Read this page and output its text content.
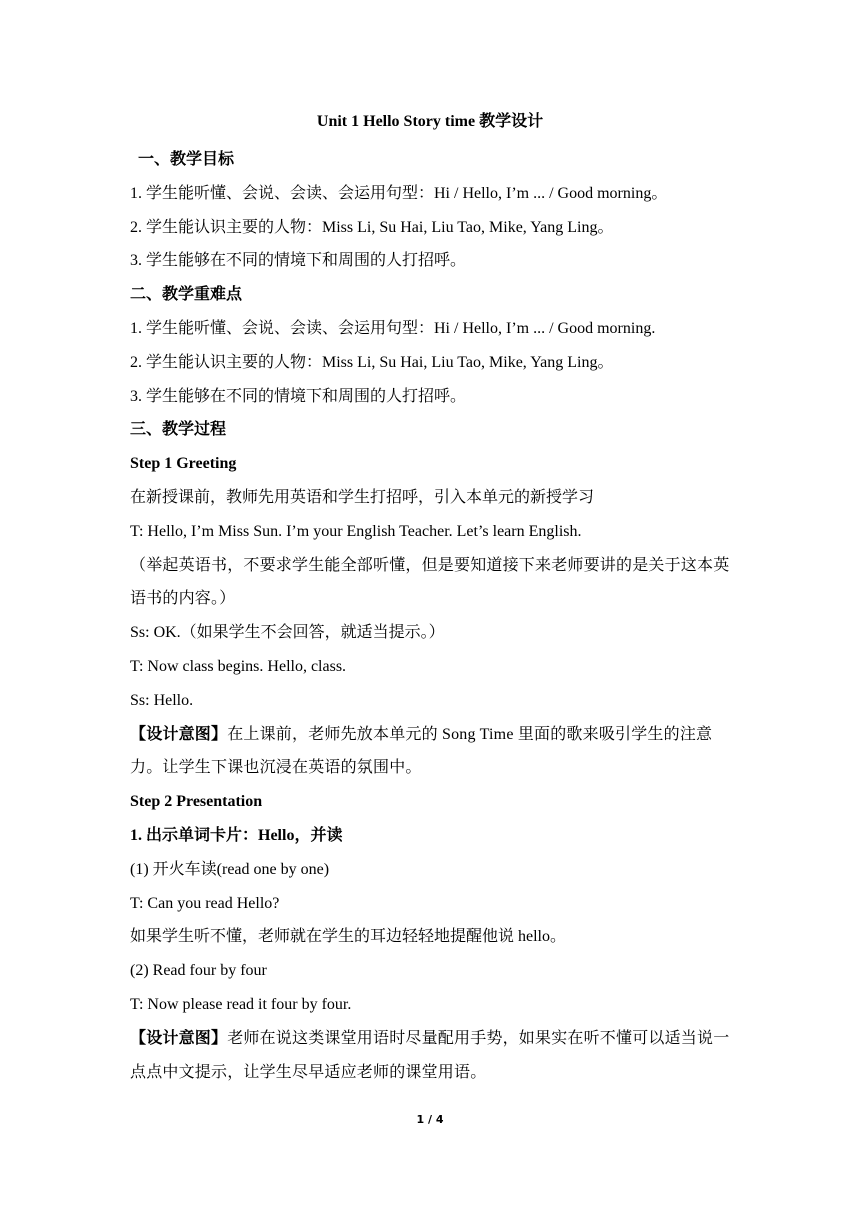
Unit 1 Hello Story time 教学设计

一、教学目标

1. 学生能听懂、会说、会读、会运用句型：Hi / Hello, I’m ... / Good morning。

2. 学生能认识主要的人物：Miss Li, Su Hai, Liu Tao, Mike, Yang Ling。

3. 学生能够在不同的情境下和周围的人打招呼。

二、教学重难点

1. 学生能听懂、会说、会读、会运用句型：Hi / Hello, I’m ... / Good morning.

2. 学生能认识主要的人物：Miss Li, Su Hai, Liu Tao, Mike, Yang Ling。

3. 学生能够在不同的情境下和周围的人打招呼。

三、教学过程

Step 1 Greeting

在新授课前，教师先用英语和学生打招呼，引入本单元的新授学习

T: Hello, I’m Miss Sun. I’m your English Teacher. Let’s learn English.

（举起英语书，不要求学生能全部听懂，但是要知道接下来老师要讲的是关于这本英语书的内容。）

Ss: OK.（如果学生不会回答，就适当提示。）

T: Now class begins. Hello, class.

Ss: Hello.

【设计意图】在上课前，老师先放本单元的 Song Time 里面的歌来吸引学生的注意力。让学生下课也沉浸在英语的氛围中。

Step 2 Presentation

1. 出示单词卡片：Hello，并读

(1) 开火车读(read one by one)

T: Can you read Hello?

如果学生听不懂，老师就在学生的耳边轻轻地提醒他说 hello。

(2) Read four by four

T: Now please read it four by four.

【设计意图】老师在说这类课堂用语时尽量配用手势，如果实在听不懂可以适当说一点点中文提示，让学生尽早适应老师的课堂用语。

1 / 4
